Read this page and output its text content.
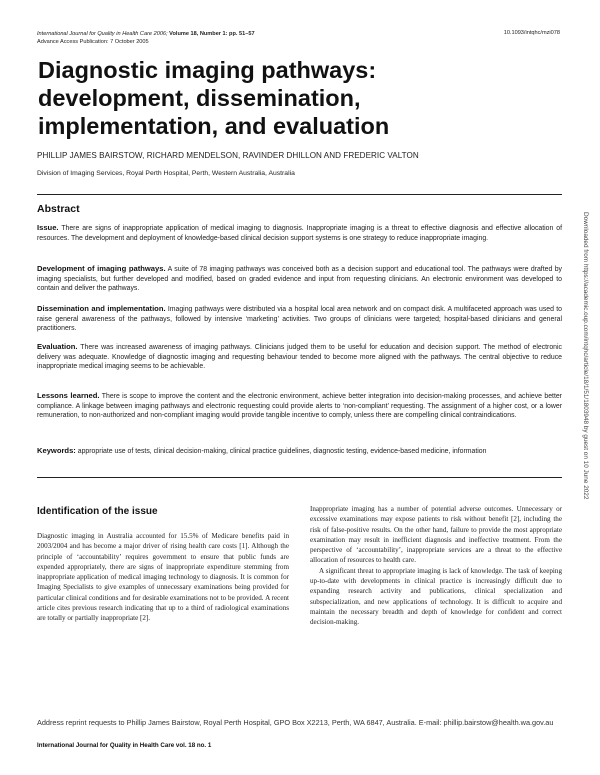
International Journal for Quality in Health Care 2006; Volume 18, Number 1: pp. 51–57
Advance Access Publication: 7 October 2005
10.1093/intqhc/mzi078
Diagnostic imaging pathways: development, dissemination, implementation, and evaluation
PHILLIP JAMES BAIRSTOW, RICHARD MENDELSON, RAVINDER DHILLON AND FREDERIC VALTON
Division of Imaging Services, Royal Perth Hospital, Perth, Western Australia, Australia
Abstract
Issue. There are signs of inappropriate application of medical imaging to diagnosis. Inappropriate imaging is a threat to effective diagnosis and effective allocation of resources. The development and deployment of knowledge-based clinical decision support systems is one strategy to reduce inappropriate imaging.
Development of imaging pathways. A suite of 78 imaging pathways was conceived both as a decision support and educational tool. The pathways were drafted by imaging specialists, but further developed and modified, based on graded evidence and input from requesting clinicians. An electronic environment was developed to contain and deliver the pathways.
Dissemination and implementation. Imaging pathways were distributed via a hospital local area network and on compact disk. A multifaceted approach was used to raise general awareness of the pathways, followed by intensive ‘marketing’ activities. Two groups of clinicians were targeted; hospital-based clinicians and general practitioners.
Evaluation. There was increased awareness of imaging pathways. Clinicians judged them to be useful for education and decision support. The method of electronic delivery was adequate. Knowledge of diagnostic imaging and requesting behaviour tended to become more aligned with the pathways. The central objective to reduce inappropriate medical imaging seems to be achievable.
Lessons learned. There is scope to improve the content and the electronic environment, achieve better integration into decision-making processes, and achieve better compliance. A linkage between imaging pathways and electronic requesting could provide alerts to ‘non-compliant’ requesting. The assignment of a higher cost, or a lower remuneration, to non-authorized and non-compliant imaging would provide tangible incentive to comply, unless there are compelling clinical contraindications.
Keywords: appropriate use of tests, clinical decision-making, clinical practice guidelines, diagnostic testing, evidence-based medicine, information
Identification of the issue

Diagnostic imaging in Australia accounted for 15.5% of Medicare benefits paid in 2003/2004 and has become a major driver of rising health care costs [1]. Although the principle of ‘accountability’ requires government to ensure that public funds are expended appropriately, there are signs of inappropriate expenditure stemming from inappropriate application of medical imaging technology to diagnosis. It is common for Imaging Specialists to give examples of unnecessary examinations being provided for particular clinical conditions and for desirable examinations not to be provided. A recent article cites previous research indicating that up to a third of radiological examinations are totally or partially inappropriate [2].

Inappropriate imaging has a number of potential adverse outcomes. Unnecessary or excessive examinations may expose patients to risk without benefit [2], including the risk of false-positive results. On the other hand, failure to provide the most appropriate examination may result in inefficient diagnosis and ineffective treatment. From the perspective of ‘accountability’, inappropriate services are a threat to the effective allocation of resources to health care.

A significant threat to appropriate imaging is lack of knowledge. The task of keeping up-to-date with developments in clinical practice is increasingly difficult due to expanding research activity and publications, clinical specialization and subspecialization, and new applications of technology. It is difficult to acquire and maintain the necessary breadth and depth of knowledge for confident and correct decision-making.

Address reprint requests to Phillip James Bairstow, Royal Perth Hospital, GPO Box X2213, Perth, WA 6847, Australia. E-mail: phillip.bairstow@health.wa.gov.au
International Journal for Quality in Health Care vol. 18 no. 1
Downloaded from https://academic.oup.com/intqhc/article/18/1/51/1803948 by guest on 10 June 2022
